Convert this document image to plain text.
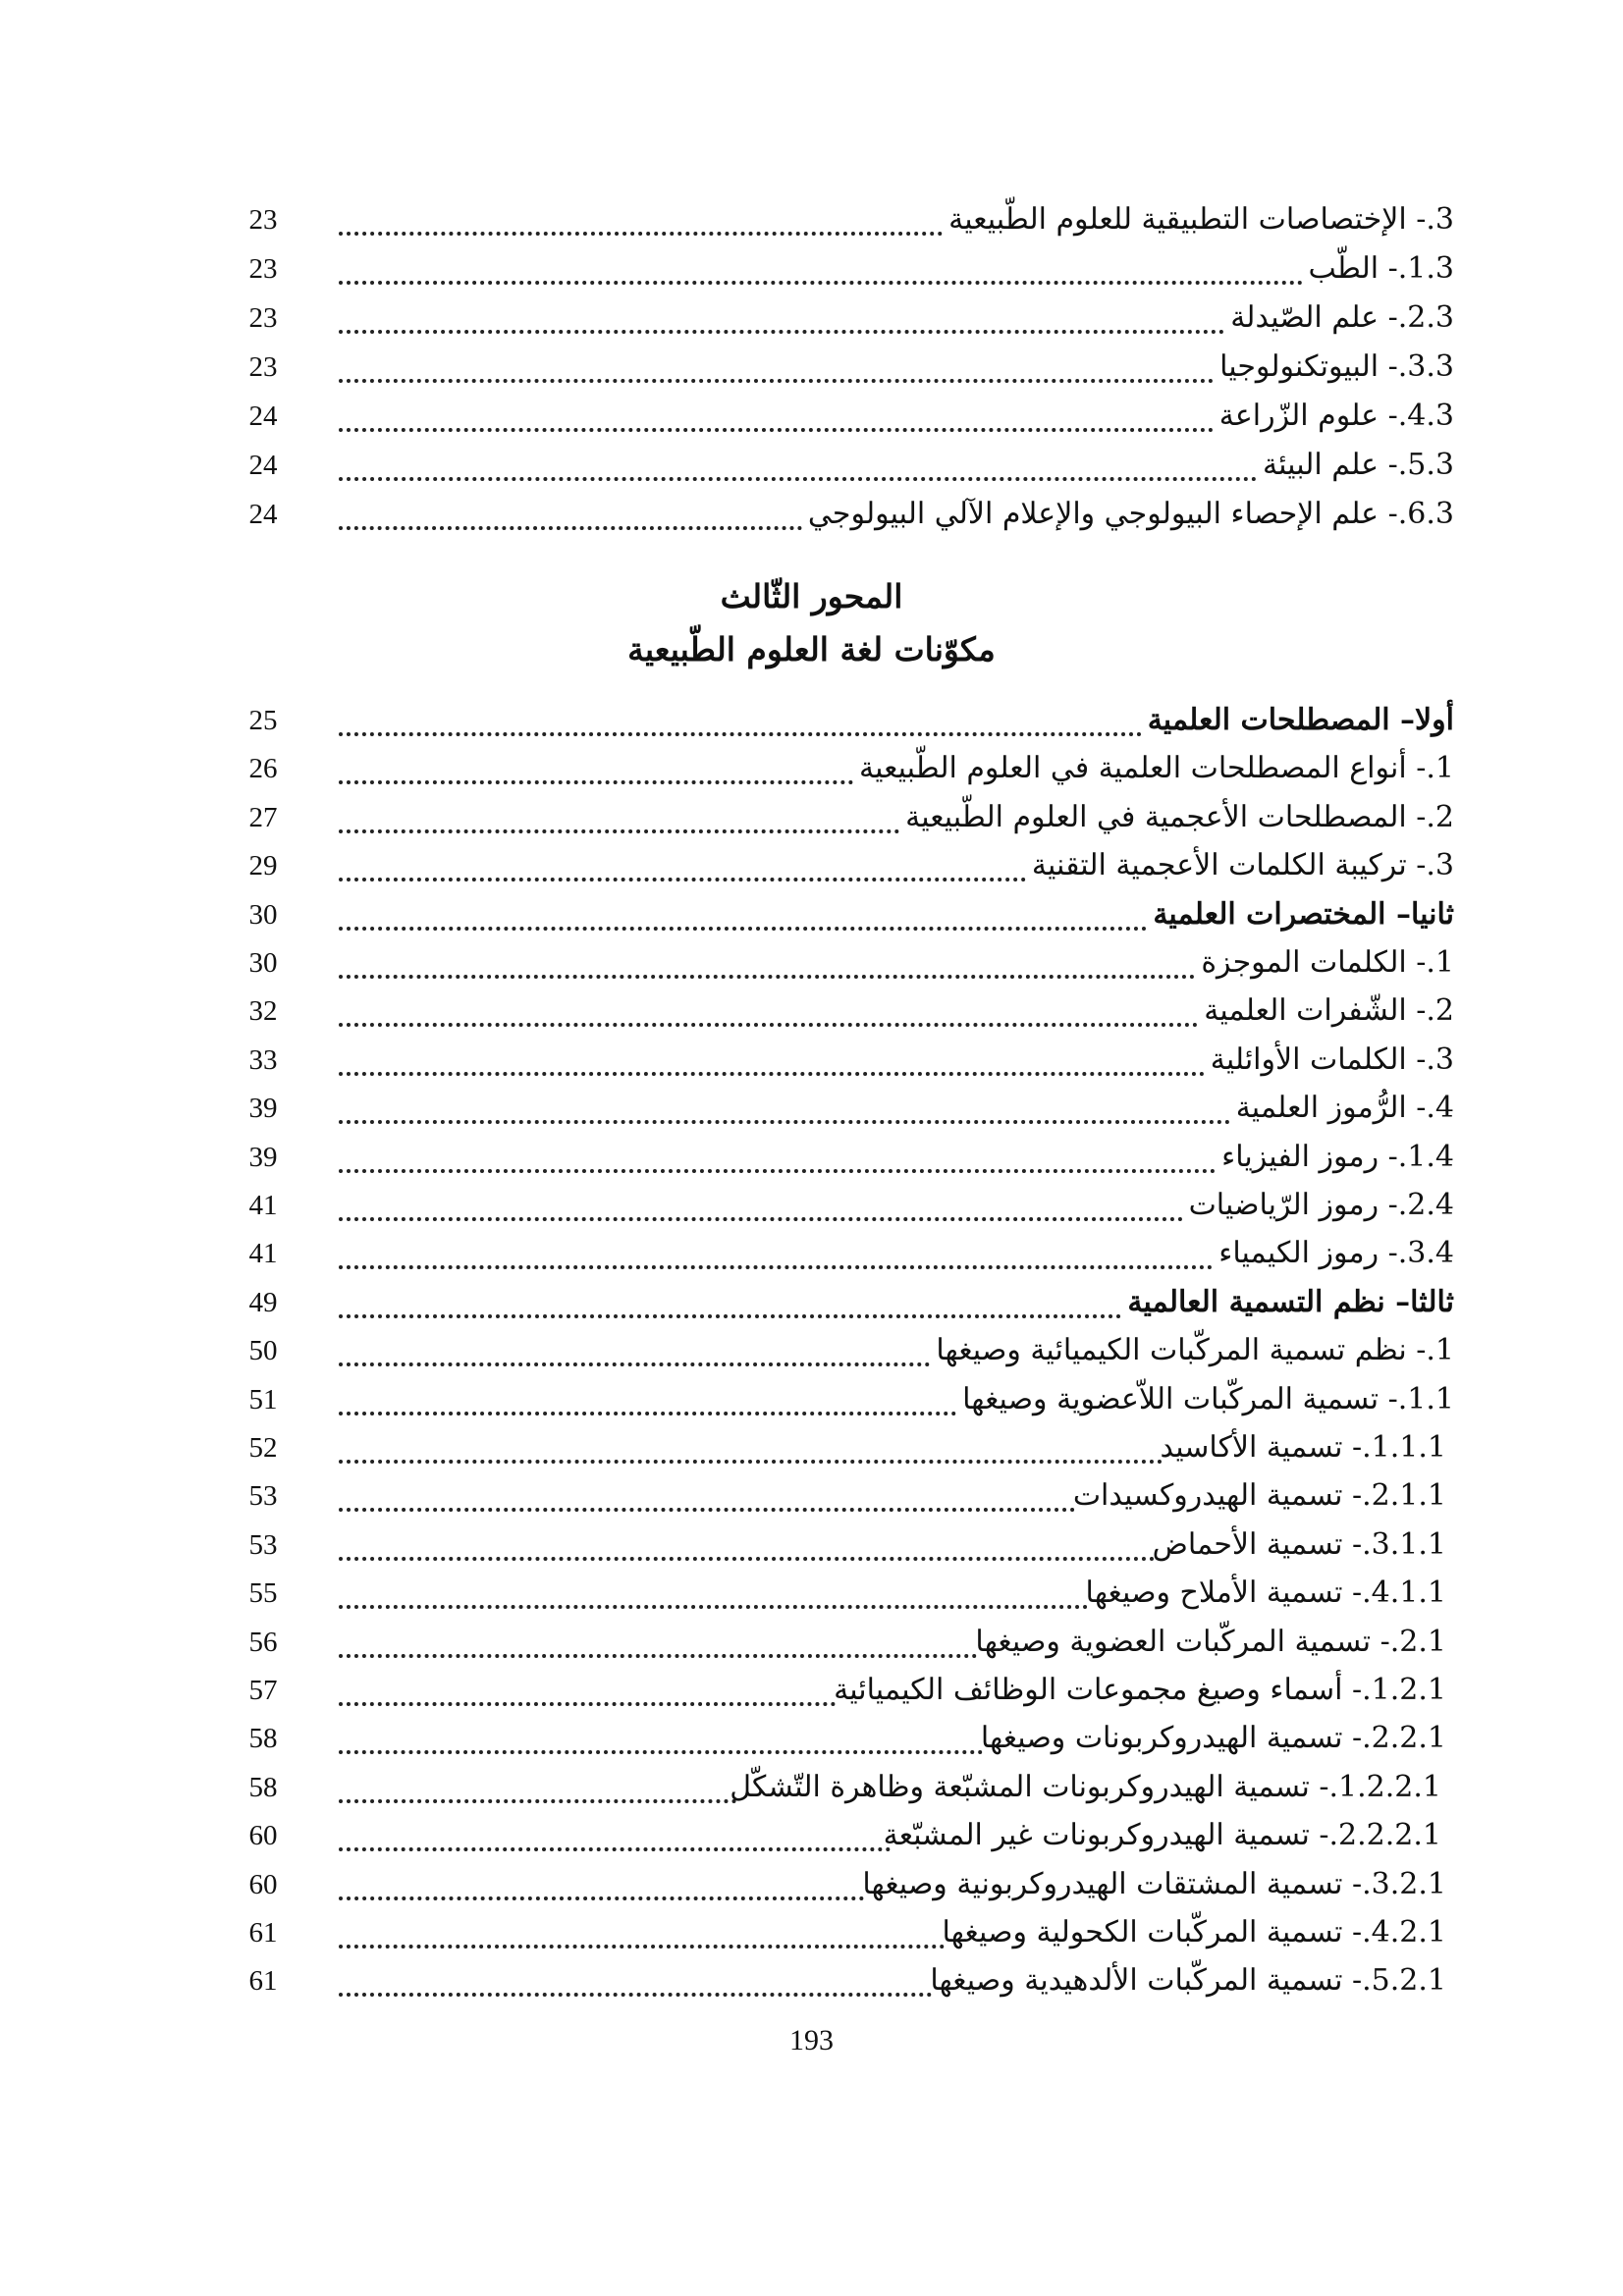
23	3.- الإختصاصات التطبيقية للعلوم الطّبيعية
23	1.3.- الطّب
23	2.3.- علم الصّيدلة
23	3.3.- البيوتكنولوجيا
24	4.3.- علوم الزّراعة
24	5.3.- علم البيئة
24	6.3.- علم الإحصاء البيولوجي والإعلام الآلي البيولوجي
المحور الثّالث
مكوّنات لغة العلوم الطّبيعية
25	أولا– المصطلحات العلمية
26	1.- أنواع المصطلحات العلمية في العلوم الطّبيعية
27	2.- المصطلحات الأعجمية في العلوم الطّبيعية
29	3.- تركيبة الكلمات الأعجمية التقنية
30	ثانيا– المختصرات العلمية
30	1.- الكلمات الموجزة
32	2.- الشّفرات العلمية
33	3.- الكلمات الأوائلية
39	4.- الرُّموز العلمية
39	1.4.- رموز الفيزياء
41	2.4.- رموز الرّياضيات
41	3.4.- رموز الكيمياء
49	ثالثا– نظم التسمية العالمية
50	1.- نظم تسمية المركّبات الكيميائية وصيغها
51	1.1.- تسمية المركّبات اللاّعضوية وصيغها
52	1.1.1.- تسمية الأكاسيد
53	2.1.1.- تسمية الهيدروكسيدات
53	3.1.1.- تسمية الأحماض
55	4.1.1.- تسمية الأملاح وصيغها
56	2.1.- تسمية المركّبات العضوية وصيغها
57	1.2.1.- أسماء وصيغ مجموعات الوظائف الكيميائية
58	2.2.1.- تسمية الهيدروكربونات وصيغها
58	1.2.2.1.- تسمية الهيدروكربونات المشبّعة وظاهرة التّشكّل
60	2.2.2.1.- تسمية الهيدروكربونات غير المشبّعة
60	3.2.1.- تسمية المشتقات الهيدروكربونية وصيغها
61	4.2.1.- تسمية المركّبات الكحولية وصيغها
61	5.2.1.- تسمية المركّبات الألدهيدية وصيغها
193
